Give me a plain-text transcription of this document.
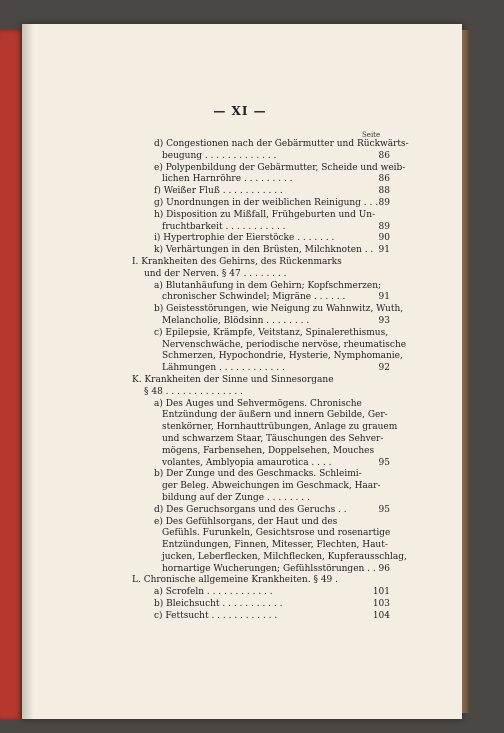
— XI —
Seite
d) Congestionen nach der Gebärmutter und Rückwärts-
beugung . . . . . . . . . . . . .	86
e) Polypenbildung der Gebärmutter, Scheide und weib-
lichen Harnröhre . . . . . . . . .	86
f) Weißer Fluß . . . . . . . . . . .	88
g) Unordnungen in der weiblichen Reinigung . . . 89
h) Disposition zu Mißfall, Frühgeburten und Un-
fruchtbarkeit . . . . . . . . . . .	89
i) Hypertrophie der Eierstöcke . . . . . . .	90
k) Verhärtungen in den Brüsten, Milchknoten . . 91
I. Krankheiten des Gehirns, des Rückenmarks
und der Nerven. § 47 . . . . . . . .
a) Blutanhäufung in dem Gehirn; Kopfschmerzen;
chronischer Schwindel; Migräne . . . . . .	91
b) Geistesstörungen, wie Neigung zu Wahnwitz, Wuth,
Melancholie, Blödsinn . . . . . . . .	93
c) Epilepsie, Krämpfe, Veitstanz, Spinalerethismus,
Nervenschwäche, periodische nervöse, rheumatische
Schmerzen, Hypochondrie, Hysterie, Nymphomanie,
Lähmungen . . . . . . . . . . . .	92
K. Krankheiten der Sinne und Sinnesorgane
§ 48 . . . . . . . . . . . . . .
a) Des Auges und Sehvermögens. Chronische
Entzündung der äußern und innern Gebilde, Ger-
stenkörner, Hornhauttrübungen, Anlage zu grauem
und schwarzem Staar, Täuschungen des Sehver-
mögens, Farbensehen, Doppelsehen, Mouches
volantes, Amblyopia amaurotica . . . .	95
b) Der Zunge und des Geschmacks. Schleimi-
ger Beleg. Abweichungen im Geschmack, Haar-
bildung auf der Zunge . . . . . . . .
d) Des Geruchsorgans und des Geruchs . .	95
e) Des Gefühlsorgans, der Haut und des
Gefühls. Furunkeln, Gesichtsrose und rosenartige
Entzündungen, Finnen, Mitesser, Flechten, Haut-
jucken, Leberflecken, Milchflecken, Kupferausschlag,
hornartige Wucherungen; Gefühlsstörungen . . 96
L. Chronische allgemeine Krankheiten. § 49 .
a) Scrofeln . . . . . . . . . . . .	101
b) Bleichsucht . . . . . . . . . . .	103
c) Fettsucht . . . . . . . . . . . .	104
